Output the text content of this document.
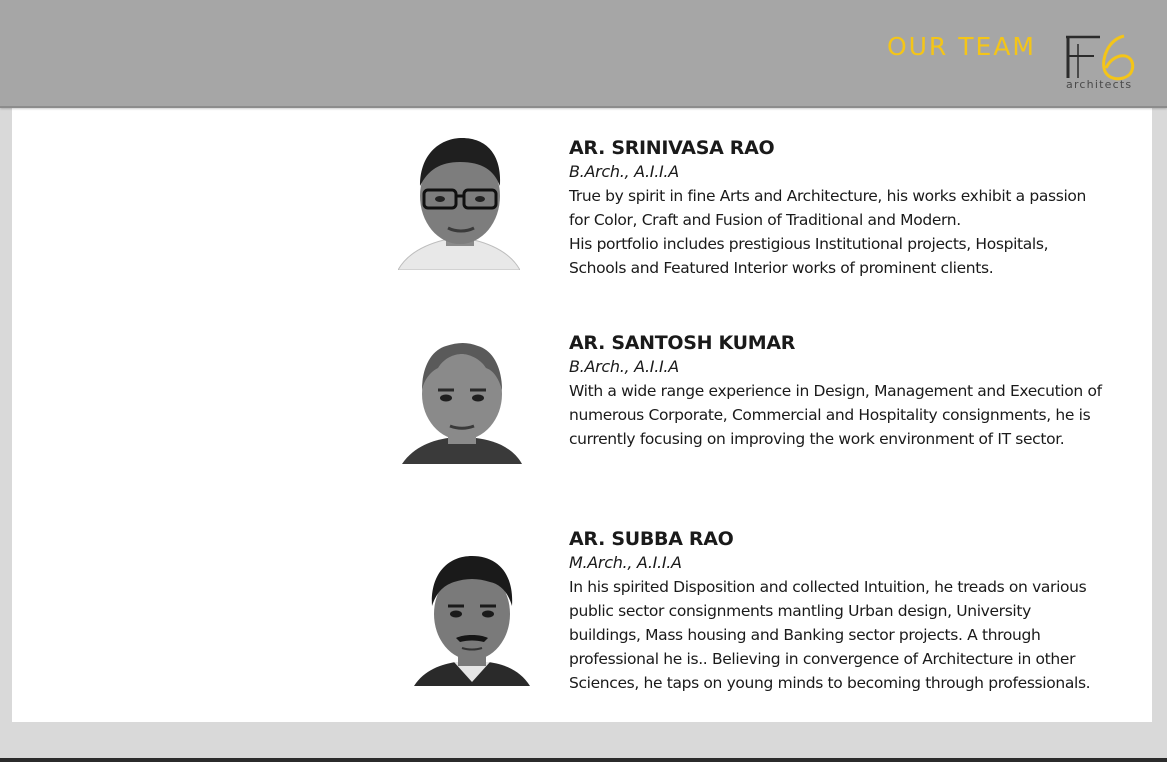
OUR TEAM
architects
AR. SRINIVASA RAO
B.Arch., A.I.I.A
True by spirit in fine Arts and Architecture, his works exhibit a passion
for Color, Craft and Fusion of Traditional and Modern.
His portfolio includes prestigious Institutional projects, Hospitals,
Schools and Featured Interior works of prominent clients.
AR. SANTOSH KUMAR
B.Arch., A.I.I.A
With a wide range experience in Design, Management and Execution of
numerous Corporate, Commercial and Hospitality consignments, he is
currently focusing on improving the work environment of IT sector.
AR. SUBBA RAO
M.Arch., A.I.I.A
In his spirited Disposition and collected Intuition, he treads on various
public sector consignments mantling Urban design, University
buildings, Mass housing and Banking sector projects. A through
professional he is.. Believing in convergence of Architecture in other
Sciences, he taps on young minds to becoming through professionals.
